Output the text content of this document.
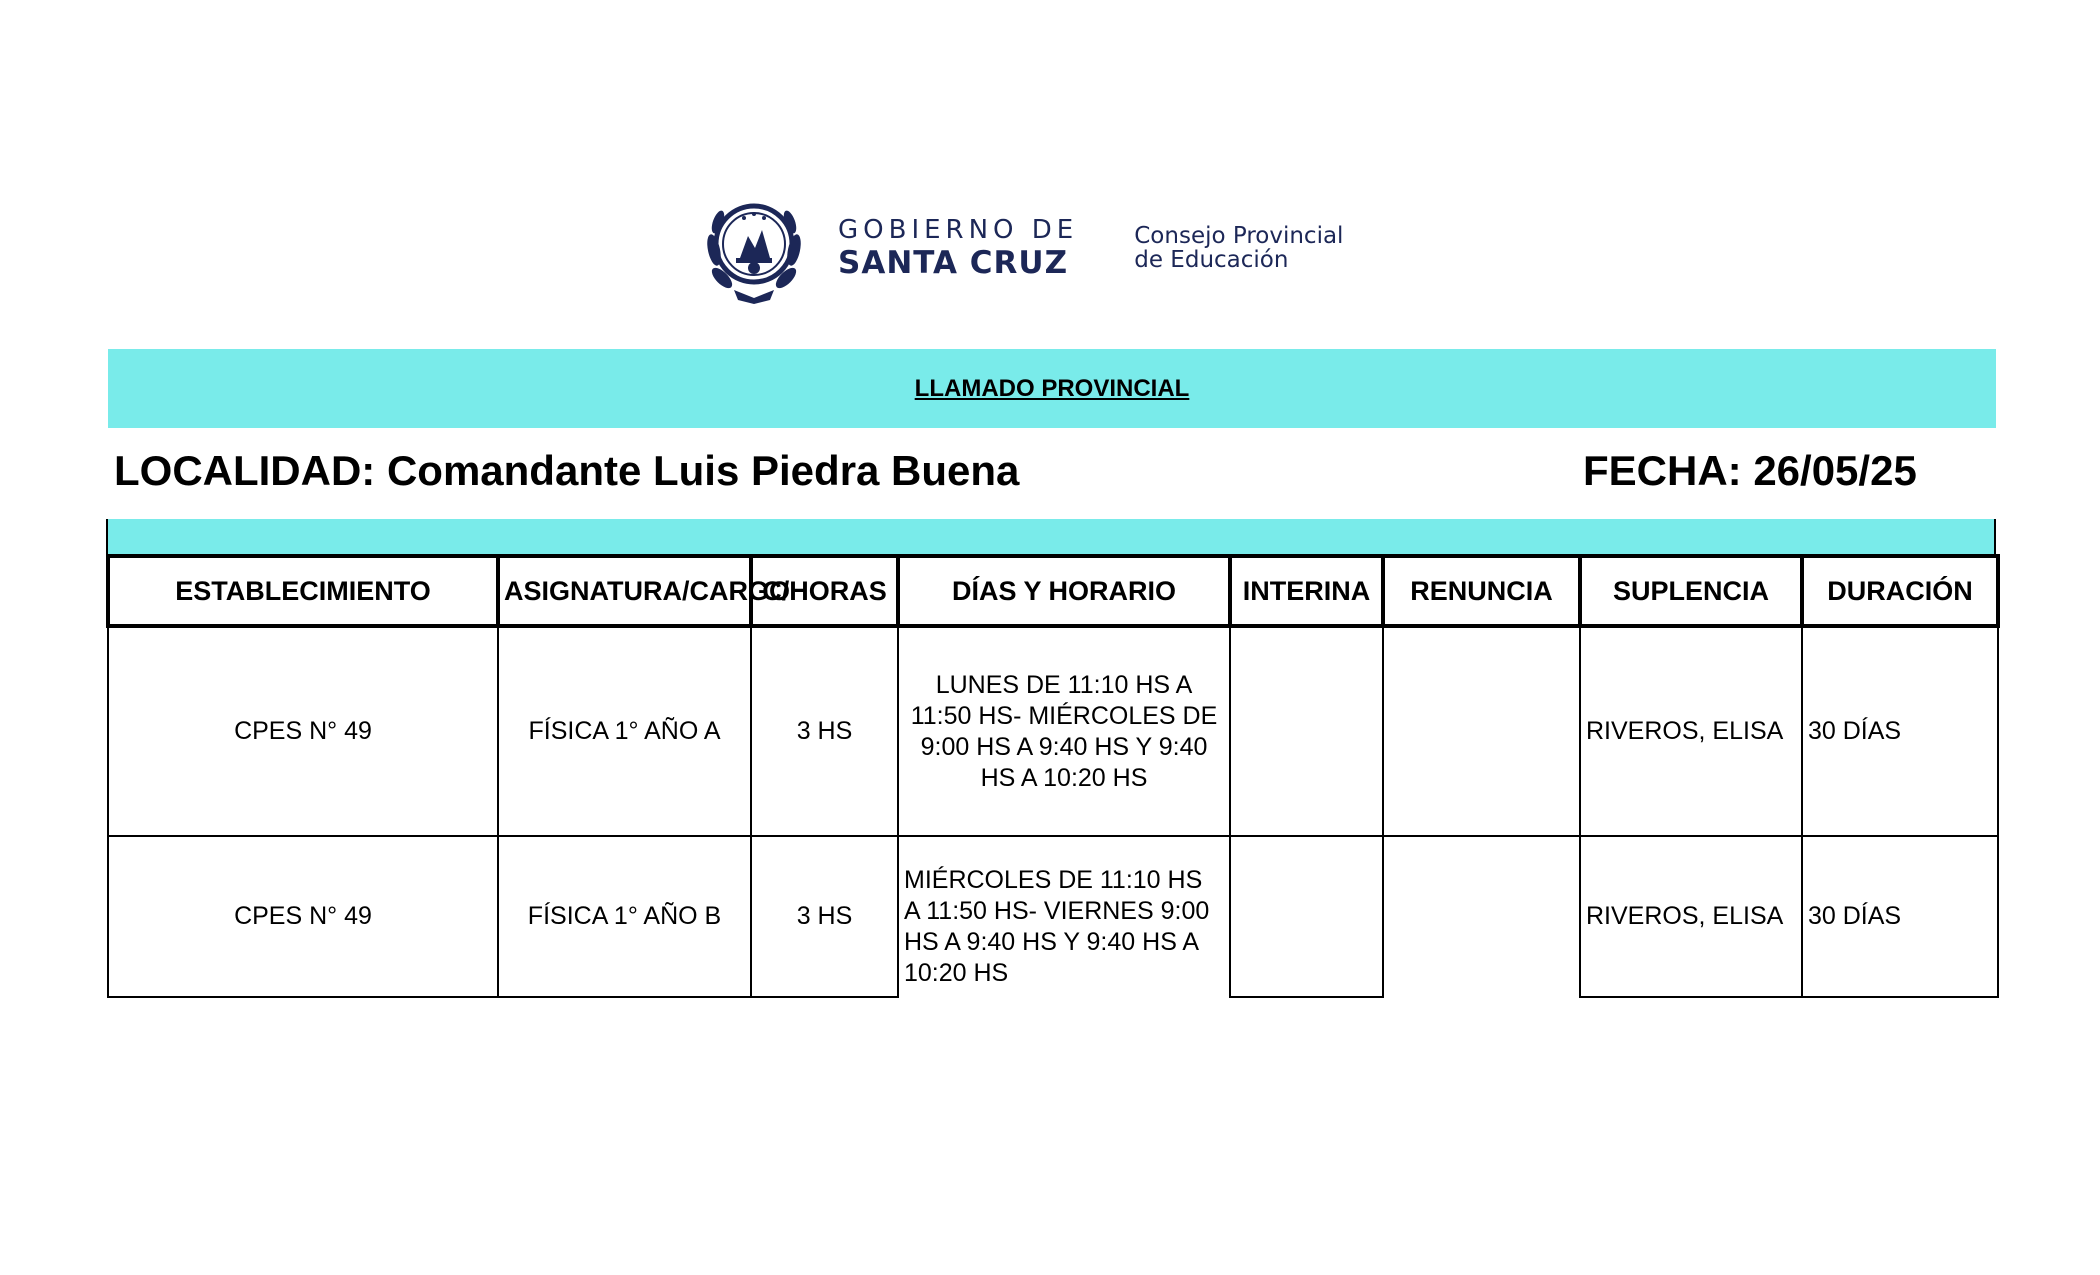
GOBIERNO DE
SANTA CRUZ
Consejo Provincial
de Educación
LLAMADO PROVINCIAL
LOCALIDAD: Comandante Luis Piedra Buena	FECHA: 26/05/25
ESTABLECIMIENTO	ASIGNATURA/CARGO	C/HORAS	DÍAS Y HORARIO	INTERINA	RENUNCIA	SUPLENCIA	DURACIÓN
CPES N° 49	FÍSICA 1° AÑO A	3 HS	LUNES DE 11:10 HS A 11:50 HS- MIÉRCOLES DE 9:00 HS A 9:40 HS Y 9:40 HS A 10:20 HS			RIVEROS, ELISA	30 DÍAS
CPES N° 49	FÍSICA 1° AÑO B	3 HS	MIÉRCOLES DE 11:10 HS A 11:50 HS- VIERNES 9:00 HS A 9:40 HS Y 9:40 HS A 10:20 HS			RIVEROS, ELISA	30 DÍAS
